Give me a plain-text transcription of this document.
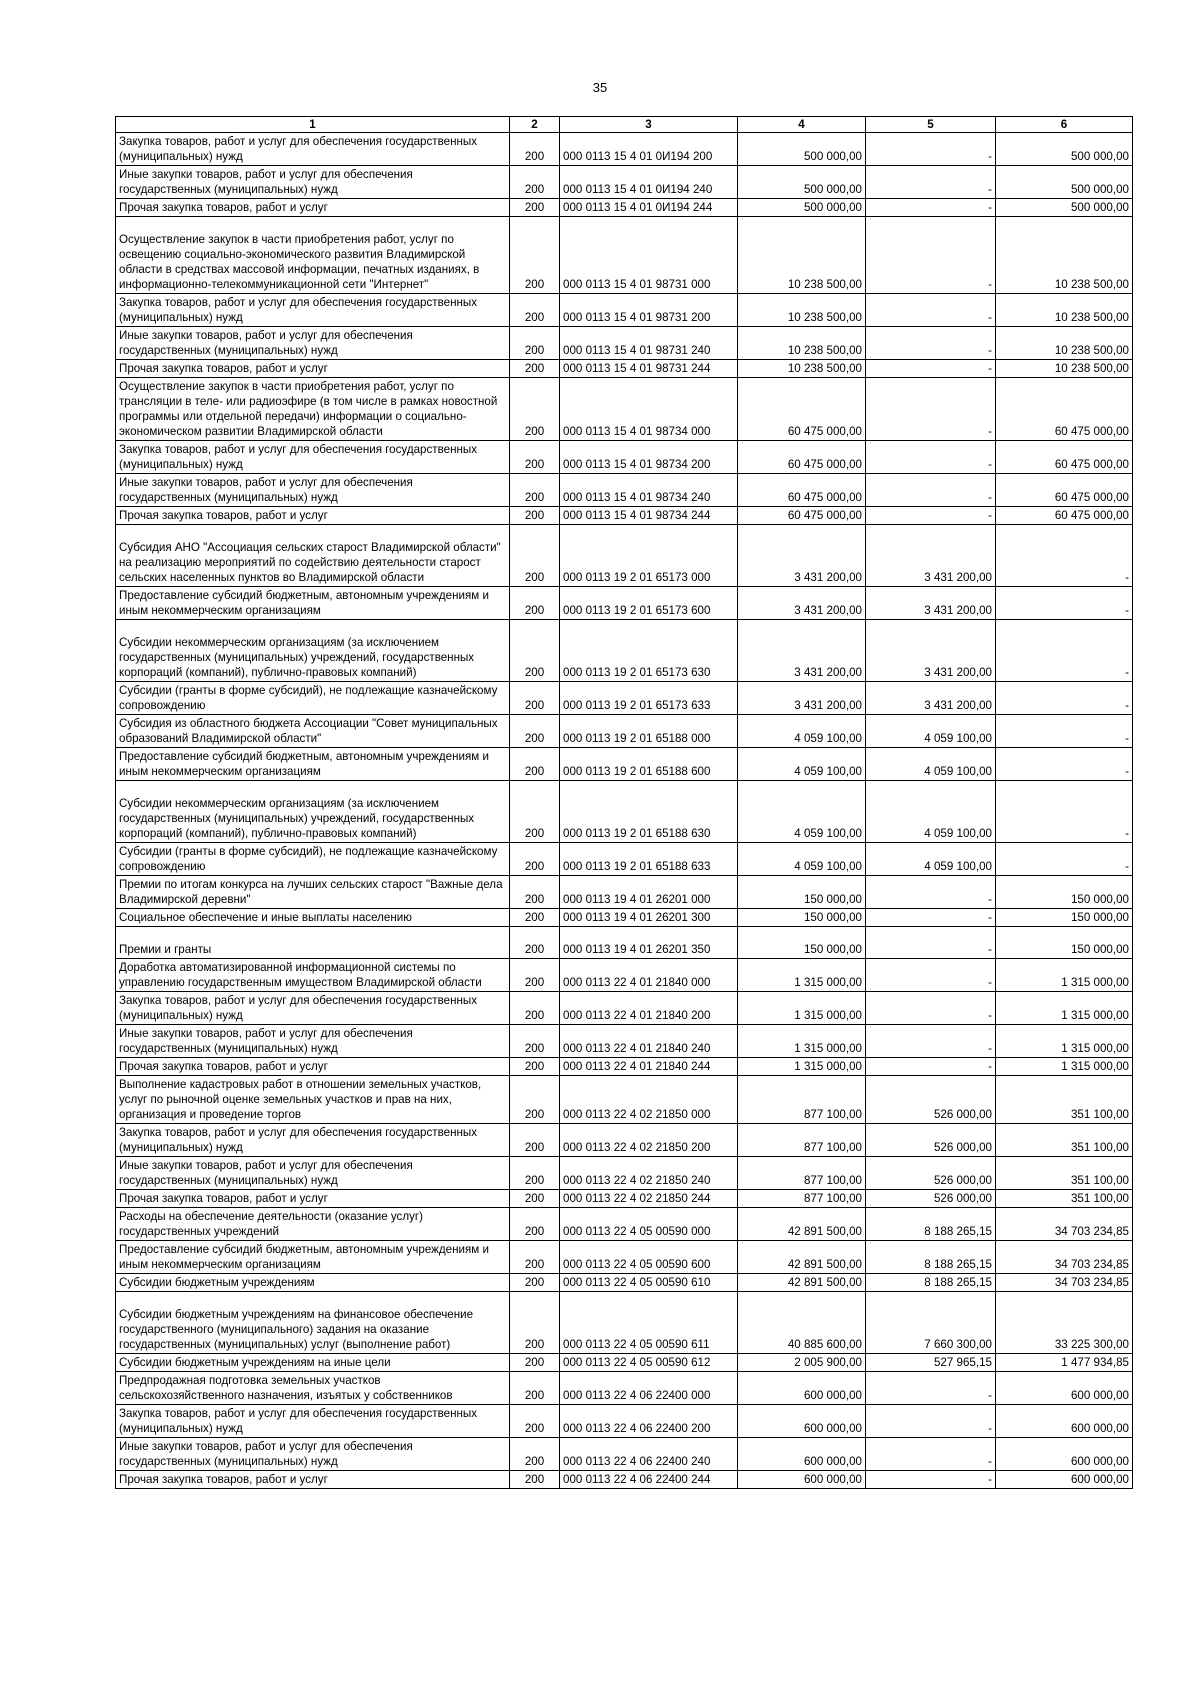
35
1	2	3	4	5	6
Закупка товаров, работ и услуг для обеспечения государственных (муниципальных) нужд	200	000 0113 15 4 01 0И194 200	500 000,00	-	500 000,00
Иные закупки товаров, работ и услуг для обеспечения государственных (муниципальных) нужд	200	000 0113 15 4 01 0И194 240	500 000,00	-	500 000,00
Прочая закупка товаров, работ и услуг	200	000 0113 15 4 01 0И194 244	500 000,00	-	500 000,00
Осуществление закупок в части приобретения работ, услуг по освещению социально-экономического развития Владимирской области в средствах массовой информации, печатных изданиях, в информационно-телекоммуникационной сети "Интернет"	200	000 0113 15 4 01 98731 000	10 238 500,00	-	10 238 500,00
Закупка товаров, работ и услуг для обеспечения государственных (муниципальных) нужд	200	000 0113 15 4 01 98731 200	10 238 500,00	-	10 238 500,00
Иные закупки товаров, работ и услуг для обеспечения государственных (муниципальных) нужд	200	000 0113 15 4 01 98731 240	10 238 500,00	-	10 238 500,00
Прочая закупка товаров, работ и услуг	200	000 0113 15 4 01 98731 244	10 238 500,00	-	10 238 500,00
Осуществление закупок в части приобретения работ, услуг по трансляции в теле- или радиоэфире (в том числе в рамках новостной программы или отдельной передачи) информации о социально-экономическом развитии Владимирской области	200	000 0113 15 4 01 98734 000	60 475 000,00	-	60 475 000,00
Закупка товаров, работ и услуг для обеспечения государственных (муниципальных) нужд	200	000 0113 15 4 01 98734 200	60 475 000,00	-	60 475 000,00
Иные закупки товаров, работ и услуг для обеспечения государственных (муниципальных) нужд	200	000 0113 15 4 01 98734 240	60 475 000,00	-	60 475 000,00
Прочая закупка товаров, работ и услуг	200	000 0113 15 4 01 98734 244	60 475 000,00	-	60 475 000,00
Субсидия АНО "Ассоциация сельских старост Владимирской области" на реализацию мероприятий по содействию деятельности старост сельских населенных пунктов во Владимирской области	200	000 0113 19 2 01 65173 000	3 431 200,00	3 431 200,00	-
Предоставление субсидий бюджетным, автономным учреждениям и иным некоммерческим организациям	200	000 0113 19 2 01 65173 600	3 431 200,00	3 431 200,00	-
Субсидии некоммерческим организациям (за исключением государственных (муниципальных) учреждений, государственных корпораций (компаний), публично-правовых компаний)	200	000 0113 19 2 01 65173 630	3 431 200,00	3 431 200,00	-
Субсидии (гранты в форме субсидий), не подлежащие казначейскому сопровождению	200	000 0113 19 2 01 65173 633	3 431 200,00	3 431 200,00	-
Субсидия из областного бюджета Ассоциации "Совет муниципальных образований Владимирской области"	200	000 0113 19 2 01 65188 000	4 059 100,00	4 059 100,00	-
Предоставление субсидий бюджетным, автономным учреждениям и иным некоммерческим организациям	200	000 0113 19 2 01 65188 600	4 059 100,00	4 059 100,00	-
Субсидии некоммерческим организациям (за исключением государственных (муниципальных) учреждений, государственных корпораций (компаний), публично-правовых компаний)	200	000 0113 19 2 01 65188 630	4 059 100,00	4 059 100,00	-
Субсидии (гранты в форме субсидий), не подлежащие казначейскому сопровождению	200	000 0113 19 2 01 65188 633	4 059 100,00	4 059 100,00	-
Премии по итогам конкурса на лучших сельских старост "Важные дела Владимирской деревни"	200	000 0113 19 4 01 26201 000	150 000,00	-	150 000,00
Социальное обеспечение и иные выплаты населению	200	000 0113 19 4 01 26201 300	150 000,00	-	150 000,00
Премии и гранты	200	000 0113 19 4 01 26201 350	150 000,00	-	150 000,00
Доработка автоматизированной информационной системы по управлению государственным имуществом Владимирской области	200	000 0113 22 4 01 21840 000	1 315 000,00	-	1 315 000,00
Закупка товаров, работ и услуг для обеспечения государственных (муниципальных) нужд	200	000 0113 22 4 01 21840 200	1 315 000,00	-	1 315 000,00
Иные закупки товаров, работ и услуг для обеспечения государственных (муниципальных) нужд	200	000 0113 22 4 01 21840 240	1 315 000,00	-	1 315 000,00
Прочая закупка товаров, работ и услуг	200	000 0113 22 4 01 21840 244	1 315 000,00	-	1 315 000,00
Выполнение кадастровых работ в отношении земельных участков, услуг по рыночной оценке земельных участков и прав на них, организация и проведение торгов	200	000 0113 22 4 02 21850 000	877 100,00	526 000,00	351 100,00
Закупка товаров, работ и услуг для обеспечения государственных (муниципальных) нужд	200	000 0113 22 4 02 21850 200	877 100,00	526 000,00	351 100,00
Иные закупки товаров, работ и услуг для обеспечения государственных (муниципальных) нужд	200	000 0113 22 4 02 21850 240	877 100,00	526 000,00	351 100,00
Прочая закупка товаров, работ и услуг	200	000 0113 22 4 02 21850 244	877 100,00	526 000,00	351 100,00
Расходы на обеспечение деятельности (оказание услуг) государственных учреждений	200	000 0113 22 4 05 00590 000	42 891 500,00	8 188 265,15	34 703 234,85
Предоставление субсидий бюджетным, автономным учреждениям и иным некоммерческим организациям	200	000 0113 22 4 05 00590 600	42 891 500,00	8 188 265,15	34 703 234,85
Субсидии бюджетным учреждениям	200	000 0113 22 4 05 00590 610	42 891 500,00	8 188 265,15	34 703 234,85
Субсидии бюджетным учреждениям на финансовое обеспечение государственного (муниципального) задания на оказание государственных (муниципальных) услуг (выполнение работ)	200	000 0113 22 4 05 00590 611	40 885 600,00	7 660 300,00	33 225 300,00
Субсидии бюджетным учреждениям на иные цели	200	000 0113 22 4 05 00590 612	2 005 900,00	527 965,15	1 477 934,85
Предпродажная подготовка земельных участков сельскохозяйственного назначения, изъятых у собственников	200	000 0113 22 4 06 22400 000	600 000,00	-	600 000,00
Закупка товаров, работ и услуг для обеспечения государственных (муниципальных) нужд	200	000 0113 22 4 06 22400 200	600 000,00	-	600 000,00
Иные закупки товаров, работ и услуг для обеспечения государственных (муниципальных) нужд	200	000 0113 22 4 06 22400 240	600 000,00	-	600 000,00
Прочая закупка товаров, работ и услуг	200	000 0113 22 4 06 22400 244	600 000,00	-	600 000,00
